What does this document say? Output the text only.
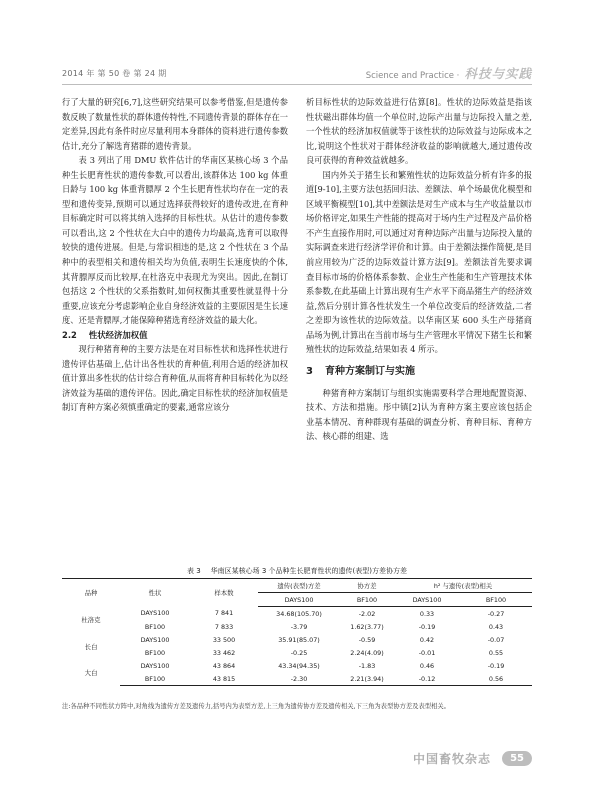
2014 年 第 50 卷 第 24 期	Science and Practice · 科技与实践

行了大量的研究[6,7],这些研究结果可以参考借鉴,但是遗传参数反映了数量性状的群体遗传特性,不同遗传背景的群体存在一定差异,因此有条件时应尽量利用本身群体的资料进行遗传参数估计,充分了解选育猪群的遗传背景。

表 3 列出了用 DMU 软件估计的华南区某核心场 3 个品种生长肥育性状的遗传参数,可以看出,该群体达 100 kg 体重日龄与 100 kg 体重背膘厚 2 个生长肥育性状均存在一定的表型和遗传变异,预期可以通过选择获得较好的遗传改进,在育种目标确定时可以将其纳入选择的目标性状。从估计的遗传参数可以看出,这 2 个性状在大白中的遗传力均最高,选育可以取得较快的遗传进展。但是,与常识相违的是,这 2 个性状在 3 个品种中的表型相关和遗传相关均为负值,表明生长速度快的个体,其背膘厚反而比较厚,在杜洛克中表现尤为突出。因此,在制订包括这 2 个性状的父系指数时,如何权衡其重要性就显得十分重要,应该充分考虑影响企业自身经济效益的主要原因是生长速度、还是背膘厚,才能保障种猪选育经济效益的最大化。

2.2 性状经济加权值

现行种猪育种的主要方法是在对目标性状和选择性状进行遗传评估基础上,估计出各性状的育种值,利用合适的经济加权值计算出多性状的估计综合育种值,从而将育种目标转化为以经济效益为基础的遗传评估。因此,确定目标性状的经济加权值是制订育种方案必须慎重确定的要素,通常应该分

析目标性状的边际效益进行估算[8]。性状的边际效益是指该性状磁出群体均值一个单位时,边际产出量与边际投入量之差,一个性状的经济加权值就等于该性状的边际效益与边际成本之比,说明这个性状对于群体经济收益的影响就越大,通过遗传改良可获得的育种效益就越多。

国内外关于猪生长和繁殖性状的边际效益分析有许多的报道[9-10],主要方法包括回归法、差额法、单个场最优化模型和区域平衡模型[10],其中差额法是对生产成本与生产收益量以市场价格评定,如果生产性能的提高对于场内生产过程及产品价格不产生直接作用时,可以通过对育种边际产出量与边际投入量的实际调查来进行经济学评价和计算。由于差额法操作简便,是目前应用较为广泛的边际效益计算方法[9]。差额法首先要求调查目标市场的价格体系参数、企业生产性能和生产管理技术体系参数,在此基础上计算出现有生产水平下商品猪生产的经济效益,然后分别计算各性状发生一个单位改变后的经济效益,二者之差即为该性状的边际效益。以华南区某 600 头生产母猪商品场为例,计算出在当前市场与生产管理水平情况下猪生长和繁殖性状的边际效益,结果如表 4 所示。

3 育种方案制订与实施

种猪育种方案制订与组织实施需要科学合理地配置资源、技术、方法和措施。彤中镇[2]认为育种方案主要应该包括企业基本情况、育种群现有基础的调查分析、育种目标、育种方法、核心群的组建、选

表 3 华南区某核心场 3 个品种生长肥育性状的遗传(表型)方差协方差
品种	性状	样本数	遗传(表型)方差	协方差	h² 与遗传(表型)相关	
			DAYS100	BF100	DAYS100	BF100
杜洛克	DAYS100	7 841	34.68(105.70)	-2.02	0.33	-0.27
	BF100	7 833	-3.79	1.62(3.77)	-0.19	0.43
长白	DAYS100	33 500	35.91(85.07)	-0.59	0.42	-0.07
	BF100	33 462	-0.25	2.24(4.09)	-0.01	0.55
大白	DAYS100	43 864	43.34(94.35)	-1.83	0.46	-0.19
	BF100	43 815	-2.30	2.21(3.94)	-0.12	0.56
注:各品种不同性状方阵中,对角线为遗传方差及遗传力,括号内为表型方差,上三角为遗传协方差及遗传相关,下三角为表型协方差及表型相关。
中国畜牧杂志 55
